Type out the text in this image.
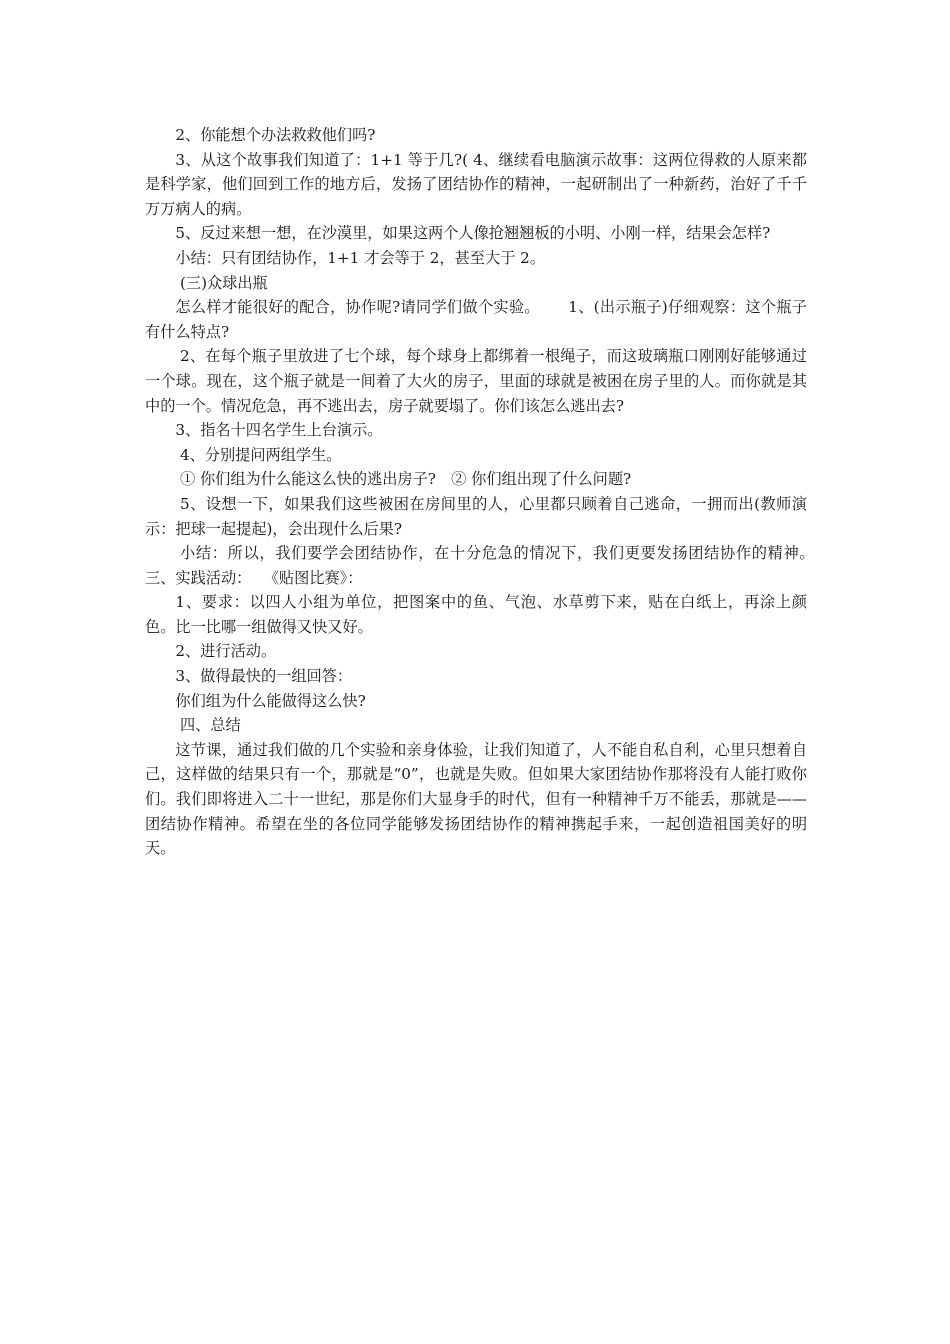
2、你能想个办法救救他们吗?

3、从这个故事我们知道了：1+1 等于几?( 4、继续看电脑演示故事：这两位得救的人原来都是科学家，他们回到工作的地方后，发扬了团结协作的精神，一起研制出了一种新药，治好了千千万万病人的病。

5、反过来想一想，在沙漠里，如果这两个人像抢翘翘板的小明、小刚一样，结果会怎样?

小结：只有团结协作，1+1 才会等于 2，甚至大于 2。

(三)众球出瓶

怎么样才能很好的配合，协作呢?请同学们做个实验。　　 1、(出示瓶子)仔细观察：这个瓶子有什么特点?

2、在每个瓶子里放进了七个球，每个球身上都绑着一根绳子，而这玻璃瓶口刚刚好能够通过一个球。现在，这个瓶子就是一间着了大火的房子，里面的球就是被困在房子里的人。而你就是其中的一个。情况危急，再不逃出去，房子就要塌了。你们该怎么逃出去?

3、指名十四名学生上台演示。

4、分别提问两组学生。

① 你们组为什么能这么快的逃出房子?　② 你们组出现了什么问题?

5、设想一下，如果我们这些被困在房间里的人，心里都只顾着自己逃命，一拥而出(教师演示：把球一起提起)，会出现什么后果?

小结：所以，我们要学会团结协作，在十分危急的情况下，我们更要发扬团结协作的精神。　 三、实践活动：　 《贴图比赛》：

1、要求：以四人小组为单位，把图案中的鱼、气泡、水草剪下来，贴在白纸上，再涂上颜色。比一比哪一组做得又快又好。

2、进行活动。

3、做得最快的一组回答：

你们组为什么能做得这么快?

四、总结

这节课，通过我们做的几个实验和亲身体验，让我们知道了，人不能自私自利，心里只想着自己，这样做的结果只有一个，那就是“0”，也就是失败。但如果大家团结协作那将没有人能打败你们。我们即将进入二十一世纪，那是你们大显身手的时代，但有一种精神千万不能丢，那就是——团结协作精神。希望在坐的各位同学能够发扬团结协作的精神携起手来，一起创造祖国美好的明天。
